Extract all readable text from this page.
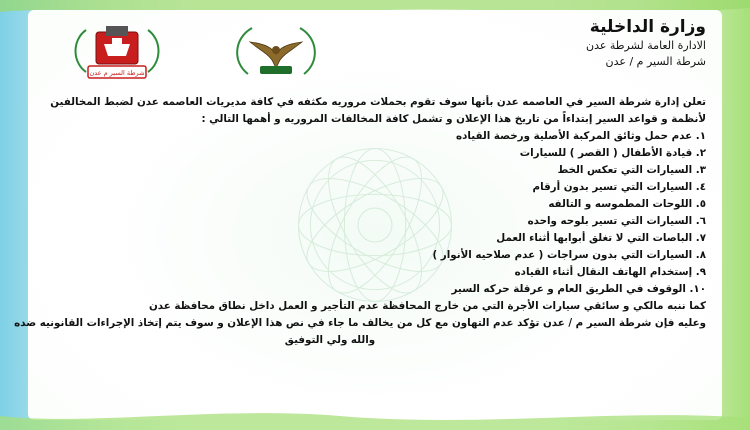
شرطة السير م عدن
وزارة الداخلية
الادارة العامة لشرطة عدن
شرطة السير م / عدن

تعلن إدارة شرطة السير في العاصمه عدن بأنها سوف تقوم بحملات مروريه مكثفه في كافة مديريات العاصمه عدن لضبط المخالفين

لأنظمة و قواعد السير إبتداءاً من تاريخ هذا الإعلان و تشمل كافة المخالفات المروريه و أهمها التالي :

١. عدم حمل وثائق المركبة الأصلية ورخصة القياده
٢. قيادة الأطفال ( القصر ) للسيارات
٣. السيارات التي تعكس الخط
٤. السيارات التي تسير بدون أرقام
٥. اللوحات المطموسه و التالفه
٦. السيارات التي تسير بلوحه واحده
٧. الباصات التي لا تغلق أبوابها أثناء العمل
٨. السيارات التي بدون سراجات ( عدم صلاحيه الأنوار )
٩. إستخدام الهاتف النقال أثناء القياده
١٠. الوقوف في الطريق العام و عرقلة حركه السير

كما ننبه مالكي و سائقي سيارات الأجرة التي من خارج المحافظة عدم التأجير و العمل داخل نطاق محافظة عدن

وعليه فإن شرطة السير م / عدن تؤكد عدم التهاون مع كل من يخالف ما جاء في نص هذا الإعلان و سوف يتم إتخاذ الإجراءات القانونيه ضده

والله ولي التوفيق
